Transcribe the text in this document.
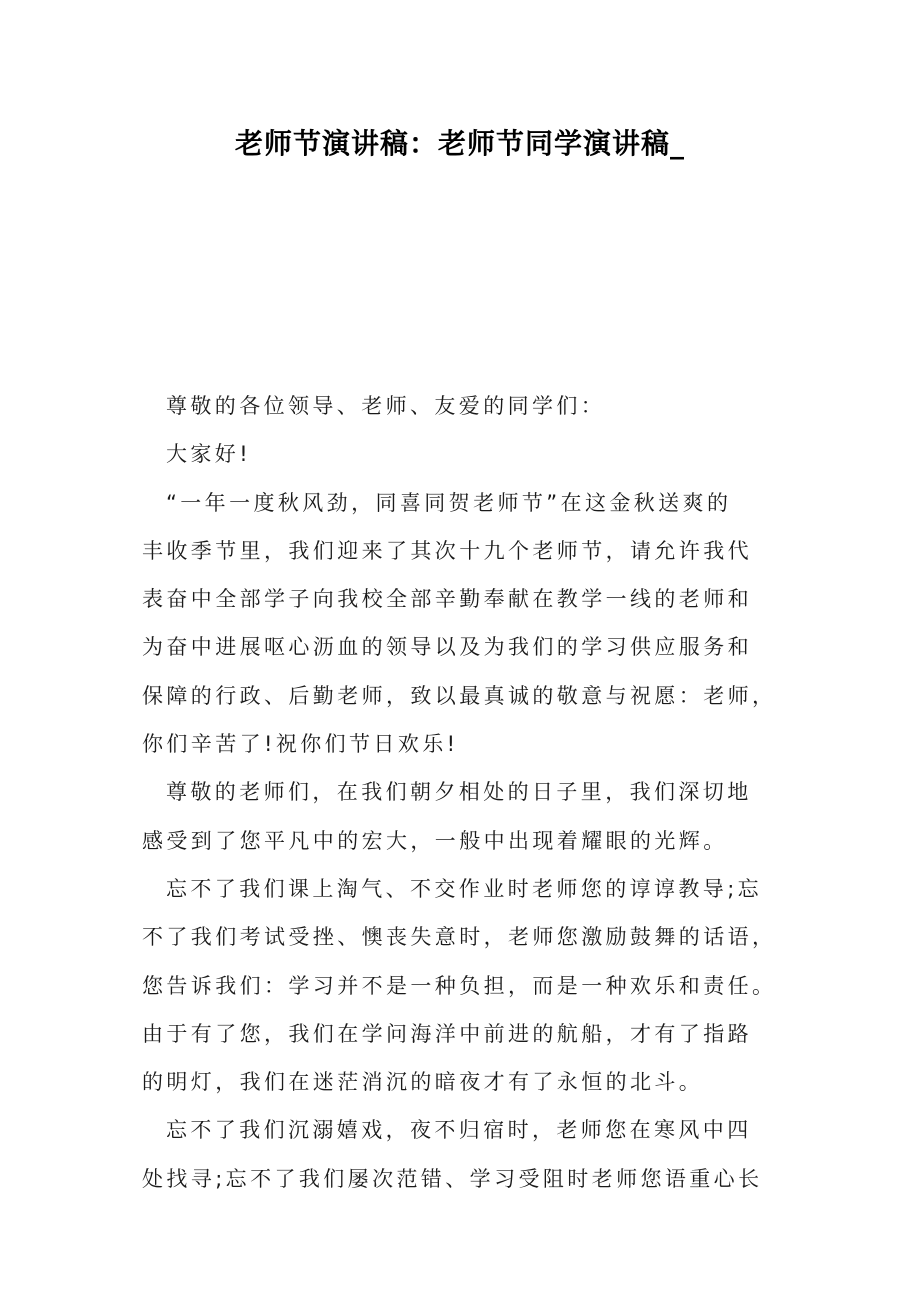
老师节演讲稿：老师节同学演讲稿_
尊敬的各位领导、老师、友爱的同学们：
大家好!
“一年一度秋风劲，同喜同贺老师节”在这金秋送爽的
丰收季节里，我们迎来了其次十九个老师节，请允许我代
表奋中全部学子向我校全部辛勤奉献在教学一线的老师和
为奋中进展呕心沥血的领导以及为我们的学习供应服务和
保障的行政、后勤老师，致以最真诚的敬意与祝愿：老师，
你们辛苦了!祝你们节日欢乐!
尊敬的老师们，在我们朝夕相处的日子里，我们深切地
感受到了您平凡中的宏大，一般中出现着耀眼的光辉。
忘不了我们课上淘气、不交作业时老师您的谆谆教导;忘
不了我们考试受挫、懊丧失意时，老师您激励鼓舞的话语，
您告诉我们：学习并不是一种负担，而是一种欢乐和责任。
由于有了您，我们在学问海洋中前进的航船，才有了指路
的明灯，我们在迷茫消沉的暗夜才有了永恒的北斗。
忘不了我们沉溺嬉戏，夜不归宿时，老师您在寒风中四
处找寻;忘不了我们屡次范错、学习受阻时老师您语重心长
